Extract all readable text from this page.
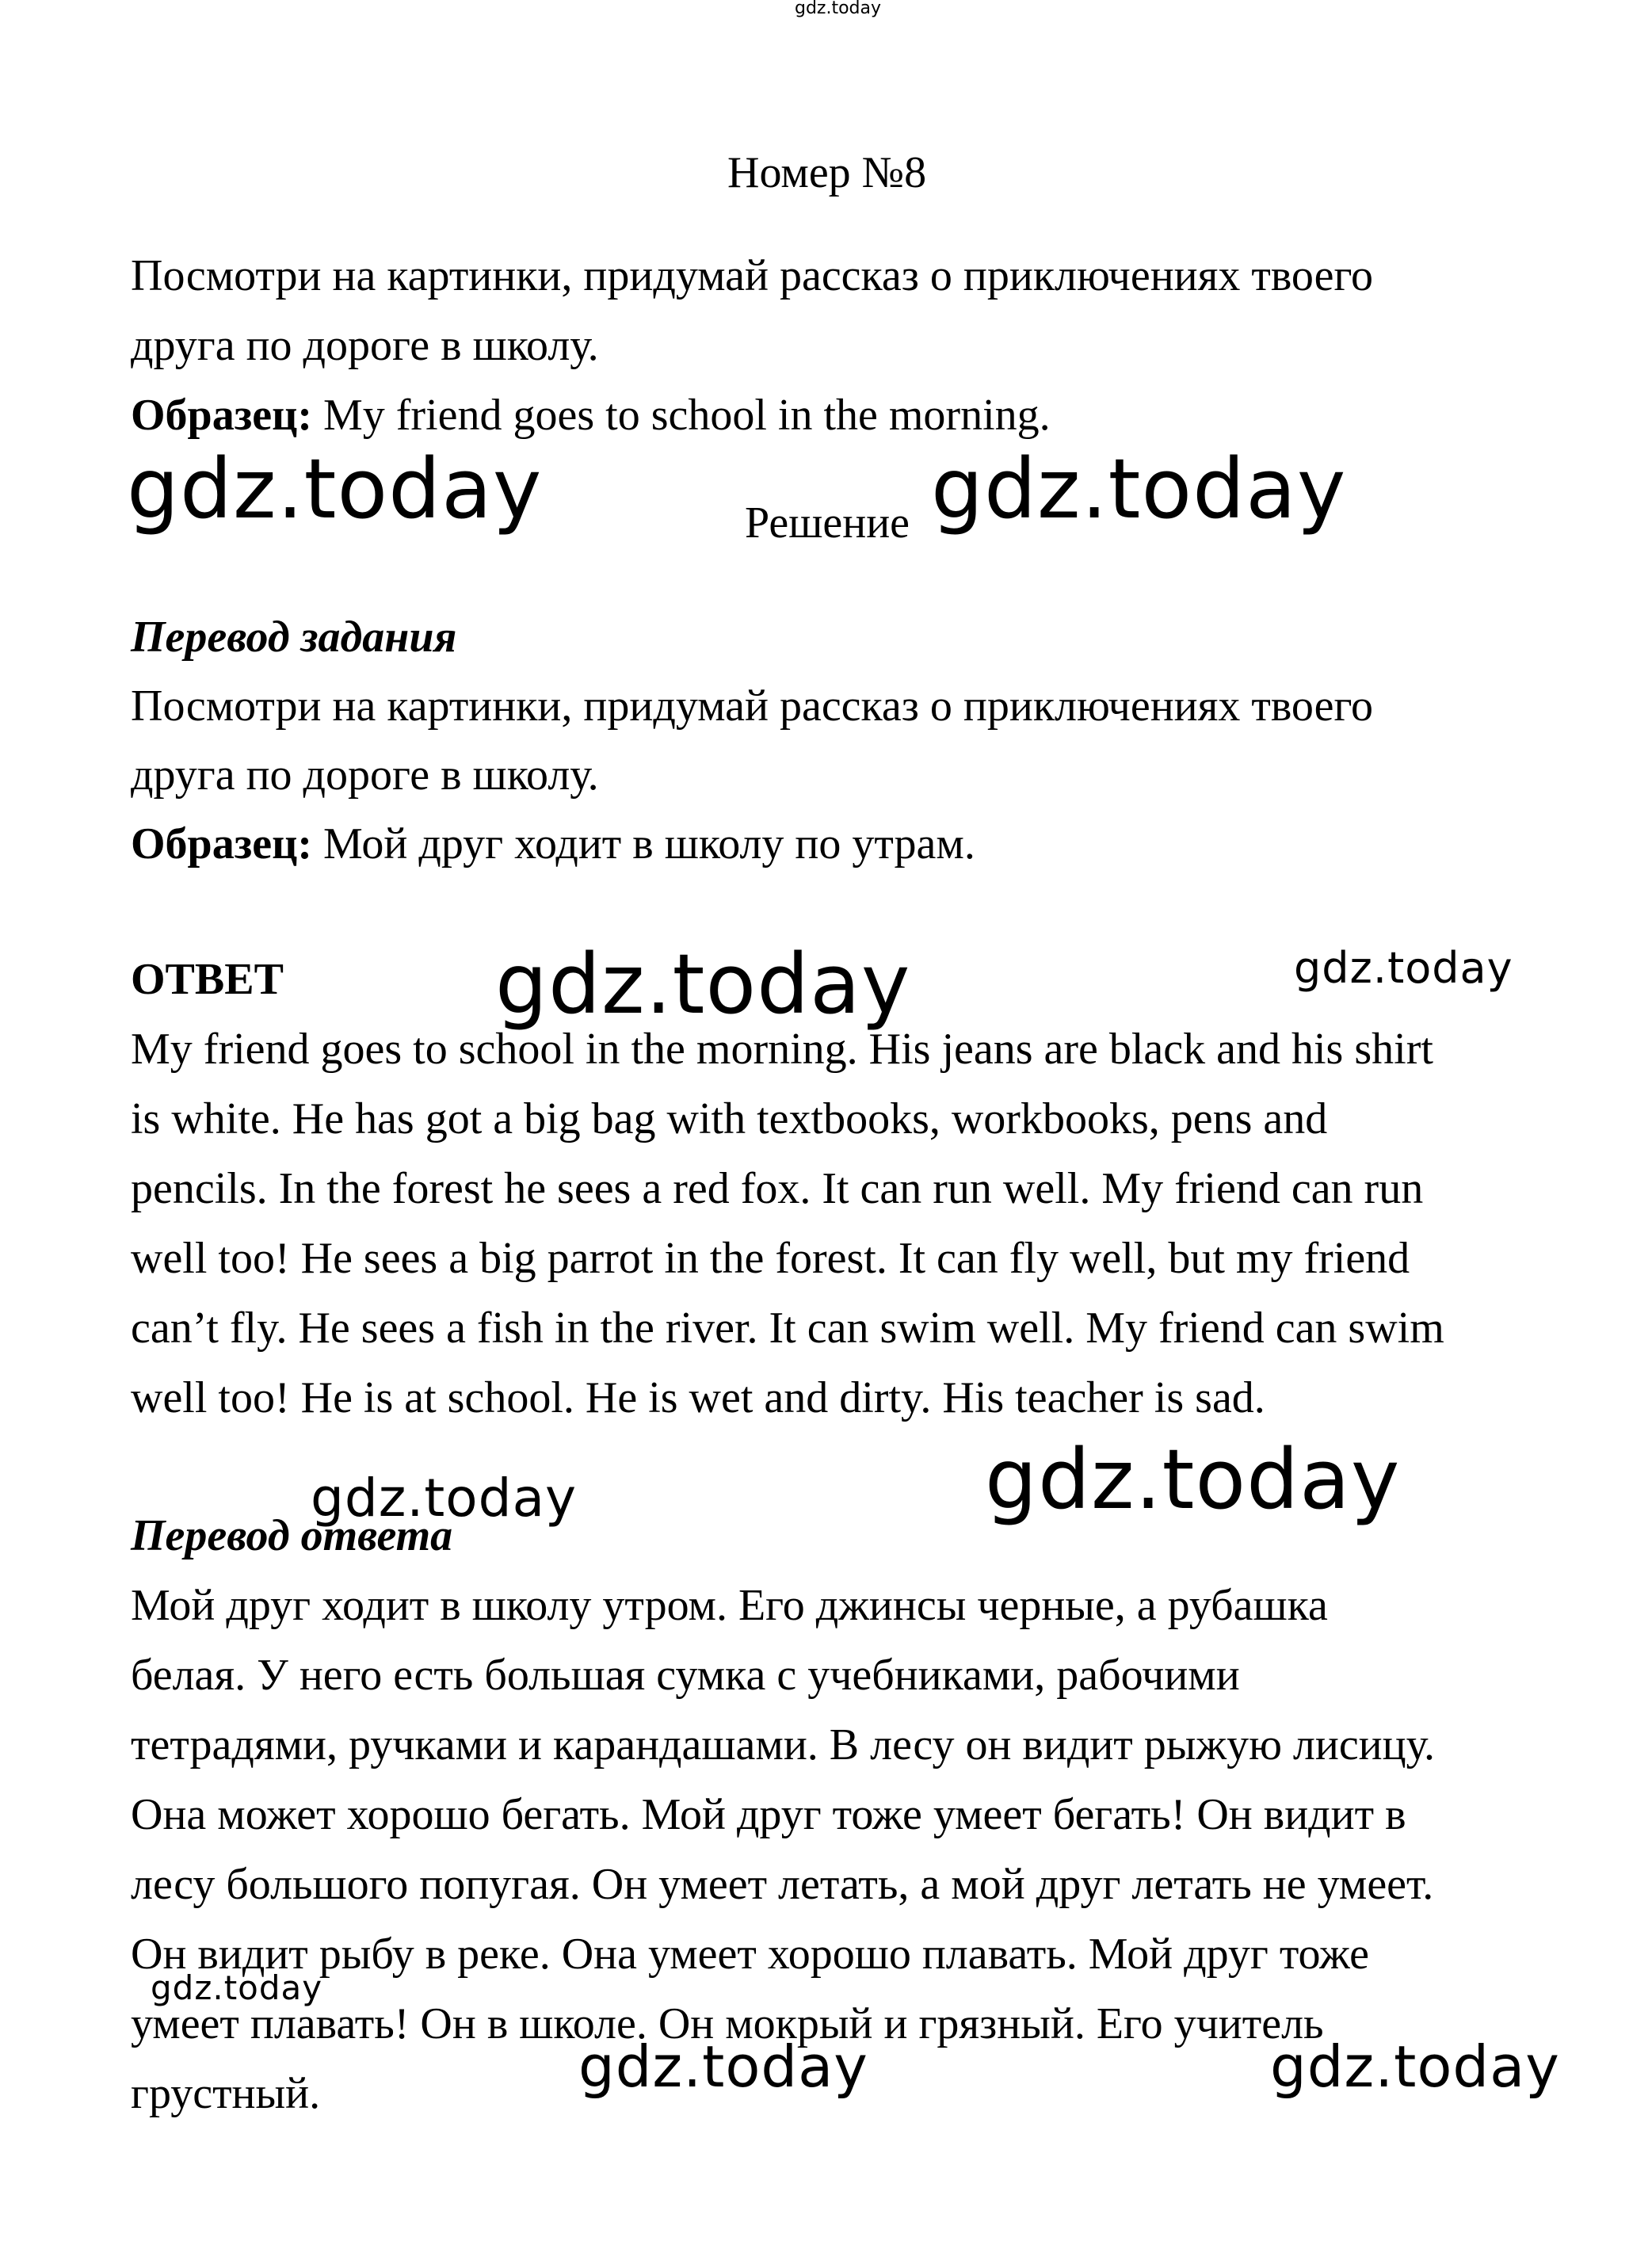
gdz.today
Номер №8
Посмотри на картинки, придумай рассказ о приключениях твоего
друга по дороге в школу.
Образец: My friend goes to school in the morning.
gdz.today	Решение gdz.today
Перевод задания
Посмотри на картинки, придумай рассказ о приключениях твоего
друга по дороге в школу.
Образец: Мой друг ходит в школу по утрам.
ОТВЕТ	gdz.today	gdz.today
My friend goes to school in the morning. His jeans are black and his shirt
is white. He has got a big bag with textbooks, workbooks, pens and
pencils. In the forest he sees a red fox. It can run well. My friend can run
well too! He sees a big parrot in the forest. It can fly well, but my friend
can’t fly. He sees a fish in the river. It can swim well. My friend can swim
well too! He is at school. He is wet and dirty. His teacher is sad.
gdz.today
Перевод ответа
gdz.today
Мой друг ходит в школу утром. Его джинсы черные, а рубашка
белая. У него есть большая сумка с учебниками, рабочими
тетрадями, ручками и карандашами. В лесу он видит рыжую лисицу.
Она может хорошо бегать. Мой друг тоже умеет бегать! Он видит в
лесу большого попугая. Он умеет летать, а мой друг летать не умеет.
Он видит рыбу в реке. Она умеет хорошо плавать. Мой друг тоже
умеет плавать! Он в школе. Он мокрый и грязный. Его учитель
грустный.
gdz.today
gdz.today	gdz.today
